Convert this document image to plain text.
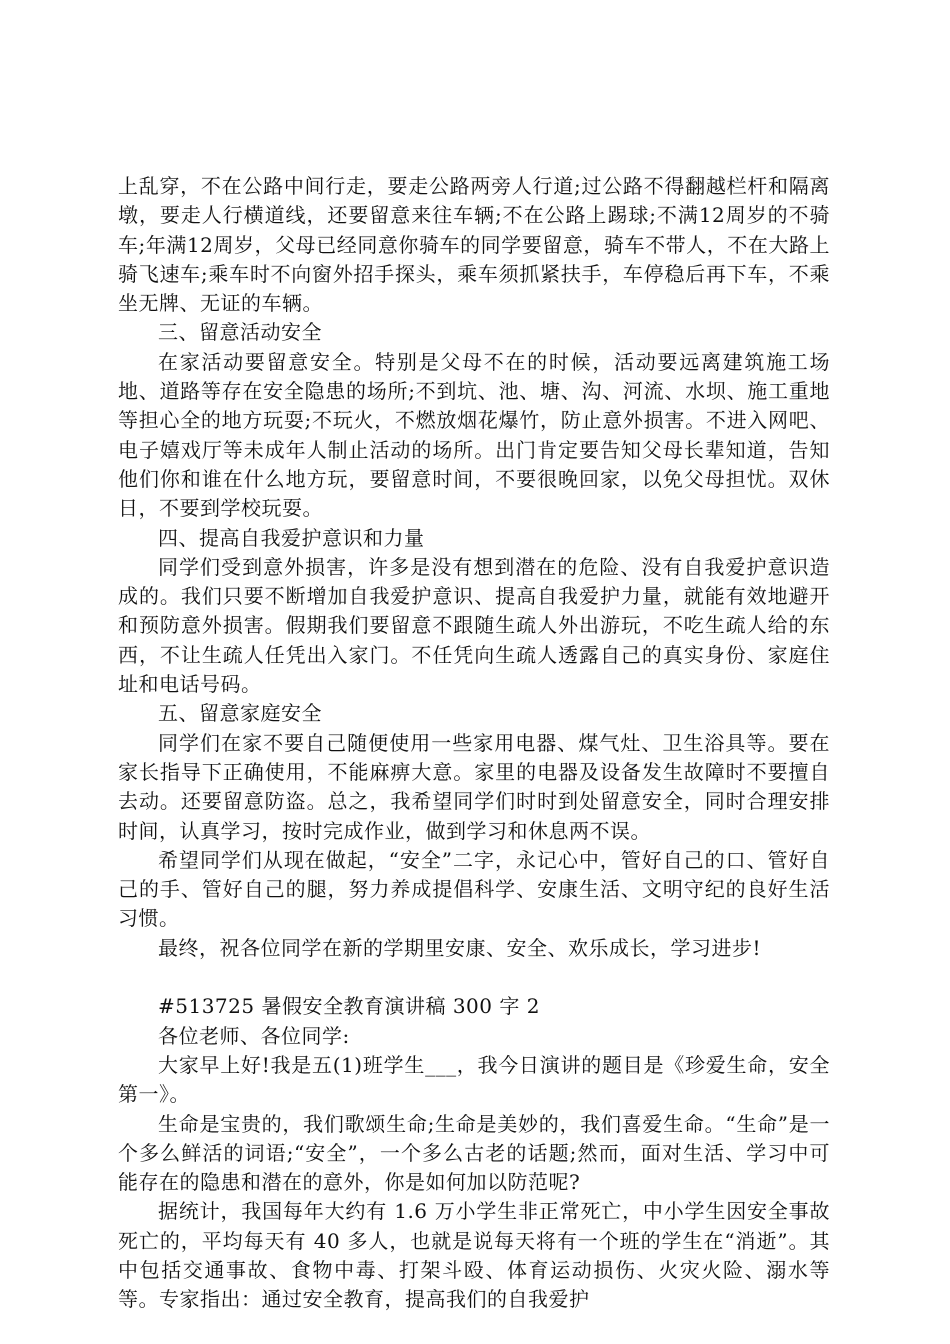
上乱穿，不在公路中间行走，要走公路两旁人行道;过公路不得翻越栏杆和隔离墩，要走人行横道线，还要留意来往车辆;不在公路上踢球;不满12周岁的不骑车;年满12周岁，父母已经同意你骑车的同学要留意，骑车不带人，不在大路上骑飞速车;乘车时不向窗外招手探头，乘车须抓紧扶手，车停稳后再下车，不乘坐无牌、无证的车辆。

三、留意活动安全

在家活动要留意安全。特别是父母不在的时候，活动要远离建筑施工场地、道路等存在安全隐患的场所;不到坑、池、塘、沟、河流、水坝、施工重地等担心全的地方玩耍;不玩火，不燃放烟花爆竹，防止意外损害。不进入网吧、电子嬉戏厅等未成年人制止活动的场所。出门肯定要告知父母长辈知道，告知他们你和谁在什么地方玩，要留意时间，不要很晚回家，以免父母担忧。双休日，不要到学校玩耍。

四、提高自我爱护意识和力量

同学们受到意外损害，许多是没有想到潜在的危险、没有自我爱护意识造成的。我们只要不断增加自我爱护意识、提高自我爱护力量，就能有效地避开和预防意外损害。假期我们要留意不跟随生疏人外出游玩，不吃生疏人给的东西，不让生疏人任凭出入家门。不任凭向生疏人透露自己的真实身份、家庭住址和电话号码。

五、留意家庭安全

同学们在家不要自己随便使用一些家用电器、煤气灶、卫生浴具等。要在家长指导下正确使用，不能麻痹大意。家里的电器及设备发生故障时不要擅自去动。还要留意防盗。总之，我希望同学们时时到处留意安全，同时合理安排时间，认真学习，按时完成作业，做到学习和休息两不误。

希望同学们从现在做起，“安全”二字，永记心中，管好自己的口、管好自己的手、管好自己的腿，努力养成提倡科学、安康生活、文明守纪的良好生活习惯。

最终，祝各位同学在新的学期里安康、安全、欢乐成长，学习进步!

#513725 暑假安全教育演讲稿 300 字 2

各位老师、各位同学:

大家早上好!我是五(1)班学生___，我今日演讲的题目是《珍爱生命，安全第一》。

生命是宝贵的，我们歌颂生命;生命是美妙的，我们喜爱生命。“生命”是一个多么鲜活的词语;“安全”，一个多么古老的话题;然而，面对生活、学习中可能存在的隐患和潜在的意外，你是如何加以防范呢?

据统计，我国每年大约有 1.6 万小学生非正常死亡，中小学生因安全事故死亡的，平均每天有 40 多人，也就是说每天将有一个班的学生在“消逝”。其中包括交通事故、食物中毒、打架斗殴、体育运动损伤、火灾火险、溺水等等。专家指出：通过安全教育，提高我们的自我爱护
